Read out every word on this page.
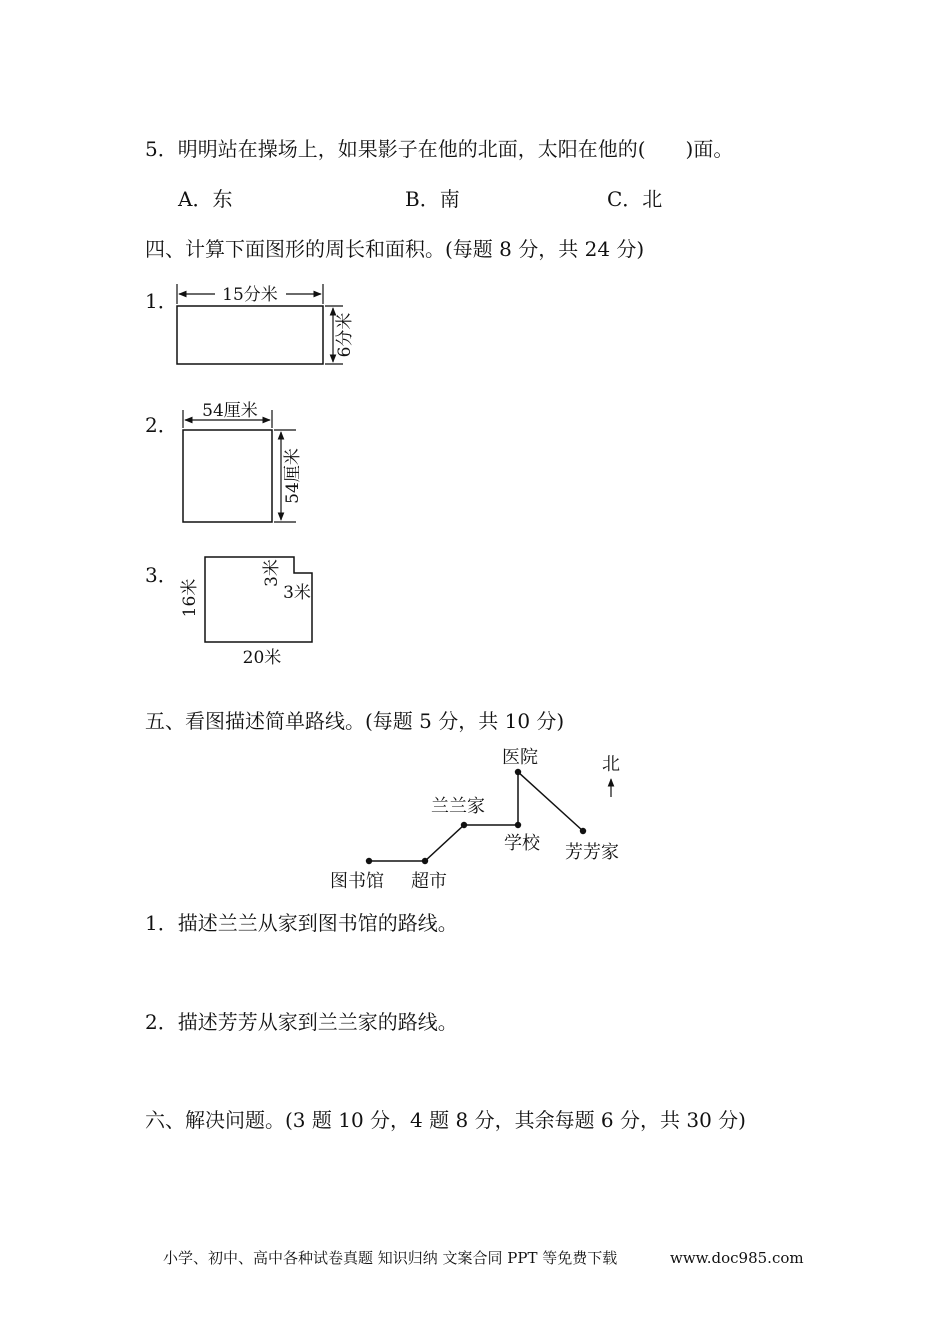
5．明明站在操场上，如果影子在他的北面，太阳在他的(　　)面。
A．东	B．南	C．北
四、计算下面图形的周长和面积。(每题 8 分，共 24 分)
1．
2．
3．
15分米
6分米
54厘米
54厘米
16米
20米
3米
3米
医院
兰兰家
学校 芳芳家
图书馆 超市
北
五、看图描述简单路线。(每题 5 分，共 10 分)
1．描述兰兰从家到图书馆的路线。
2．描述芳芳从家到兰兰家的路线。
六、解决问题。(3 题 10 分，4 题 8 分，其余每题 6 分，共 30 分)
小学、初中、高中各种试卷真题 知识归纳 文案合同 PPT 等免费下载	www.doc985.com
